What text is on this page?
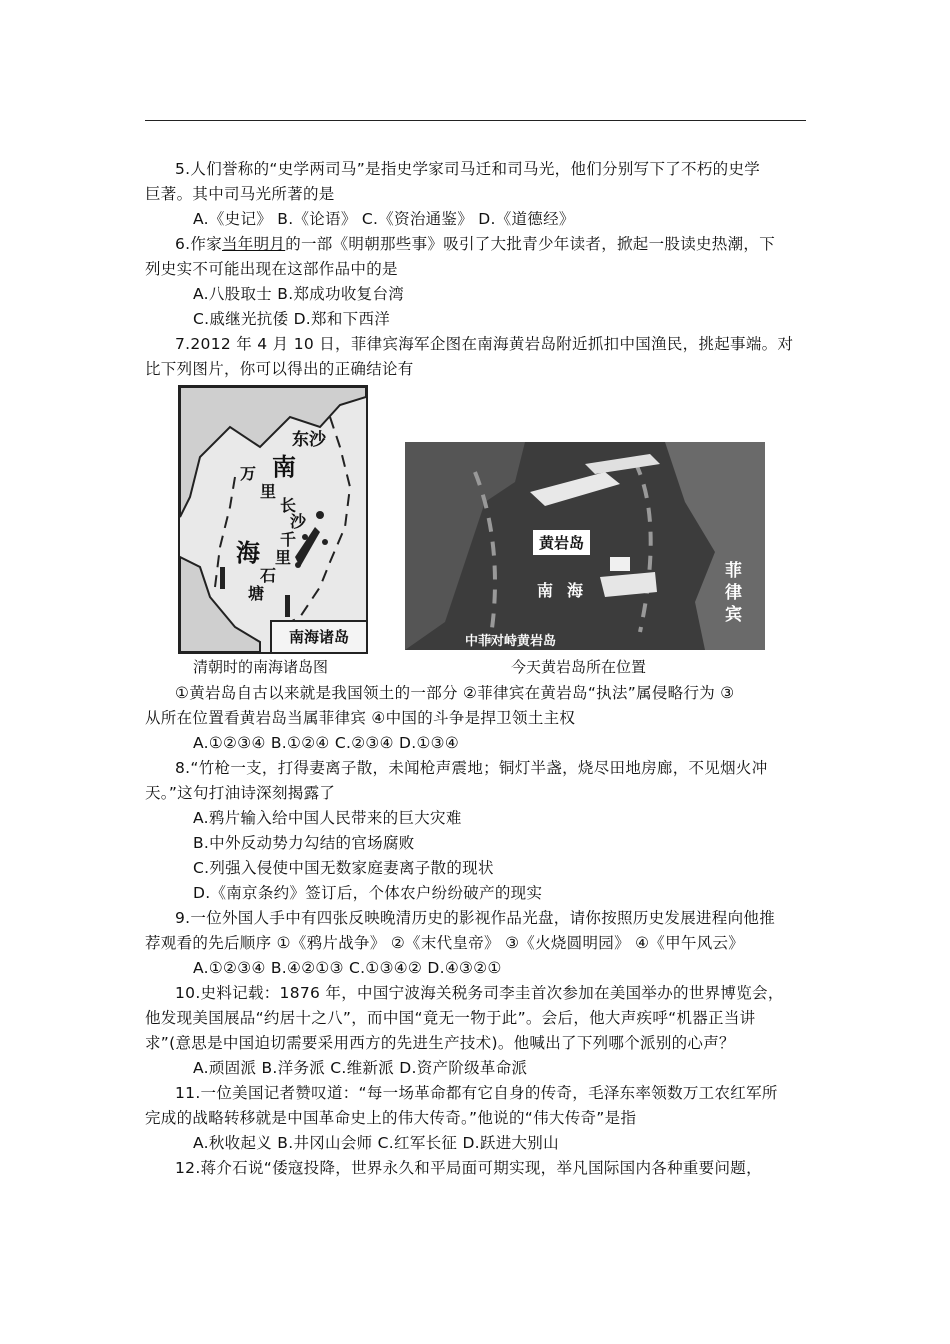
5.人们誉称的“史学两司马”是指史学家司马迁和司马光，他们分别写下了不朽的史学
巨著。其中司马光所著的是
A.《史记》 B.《论语》 C.《资治通鉴》 D.《道德经》
6.作家当年明月的一部《明朝那些事》吸引了大批青少年读者，掀起一股读史热潮，下
列史实不可能出现在这部作品中的是
A.八股取士 B.郑成功收复台湾
C.戚继光抗倭 D.郑和下西洋
7.2012 年 4 月 10 日，菲律宾海军企图在南海黄岩岛附近抓扣中国渔民，挑起事端。对
比下列图片，你可以得出的正确结论有
东沙
南
万
里
长
沙
海 千
里
石
塘
南海诸岛
黄岩岛
南海
菲律宾
中菲对峙黄岩岛
清朝时的南海诸岛图	今天黄岩岛所在位置
①黄岩岛自古以来就是我国领土的一部分 ②菲律宾在黄岩岛“执法”属侵略行为 ③
从所在位置看黄岩岛当属菲律宾 ④中国的斗争是捍卫领土主权
A.①②③④ B.①②④ C.②③④ D.①③④
8.“竹枪一支，打得妻离子散，未闻枪声震地；铜灯半盏，烧尽田地房廊，不见烟火冲
天。”这句打油诗深刻揭露了
A.鸦片输入给中国人民带来的巨大灾难
B.中外反动势力勾结的官场腐败
C.列强入侵使中国无数家庭妻离子散的现状
D.《南京条约》签订后，个体农户纷纷破产的现实
9.一位外国人手中有四张反映晚清历史的影视作品光盘，请你按照历史发展进程向他推
荐观看的先后顺序 ①《鸦片战争》 ②《末代皇帝》 ③《火烧圆明园》 ④《甲午风云》
A.①②③④ B.④②①③ C.①③④② D.④③②①
10.史料记载：1876 年，中国宁波海关税务司李圭首次参加在美国举办的世界博览会，
他发现美国展品“约居十之八”，而中国“竟无一物于此”。会后，他大声疾呼“机器正当讲
求”(意思是中国迫切需要采用西方的先进生产技术)。他喊出了下列哪个派别的心声？
A.顽固派 B.洋务派 C.维新派 D.资产阶级革命派
11.一位美国记者赞叹道：“每一场革命都有它自身的传奇，毛泽东率领数万工农红军所
完成的战略转移就是中国革命史上的伟大传奇。”他说的“伟大传奇”是指
A.秋收起义 B.井冈山会师 C.红军长征 D.跃进大别山
12.蒋介石说“倭寇投降，世界永久和平局面可期实现，举凡国际国内各种重要问题，
